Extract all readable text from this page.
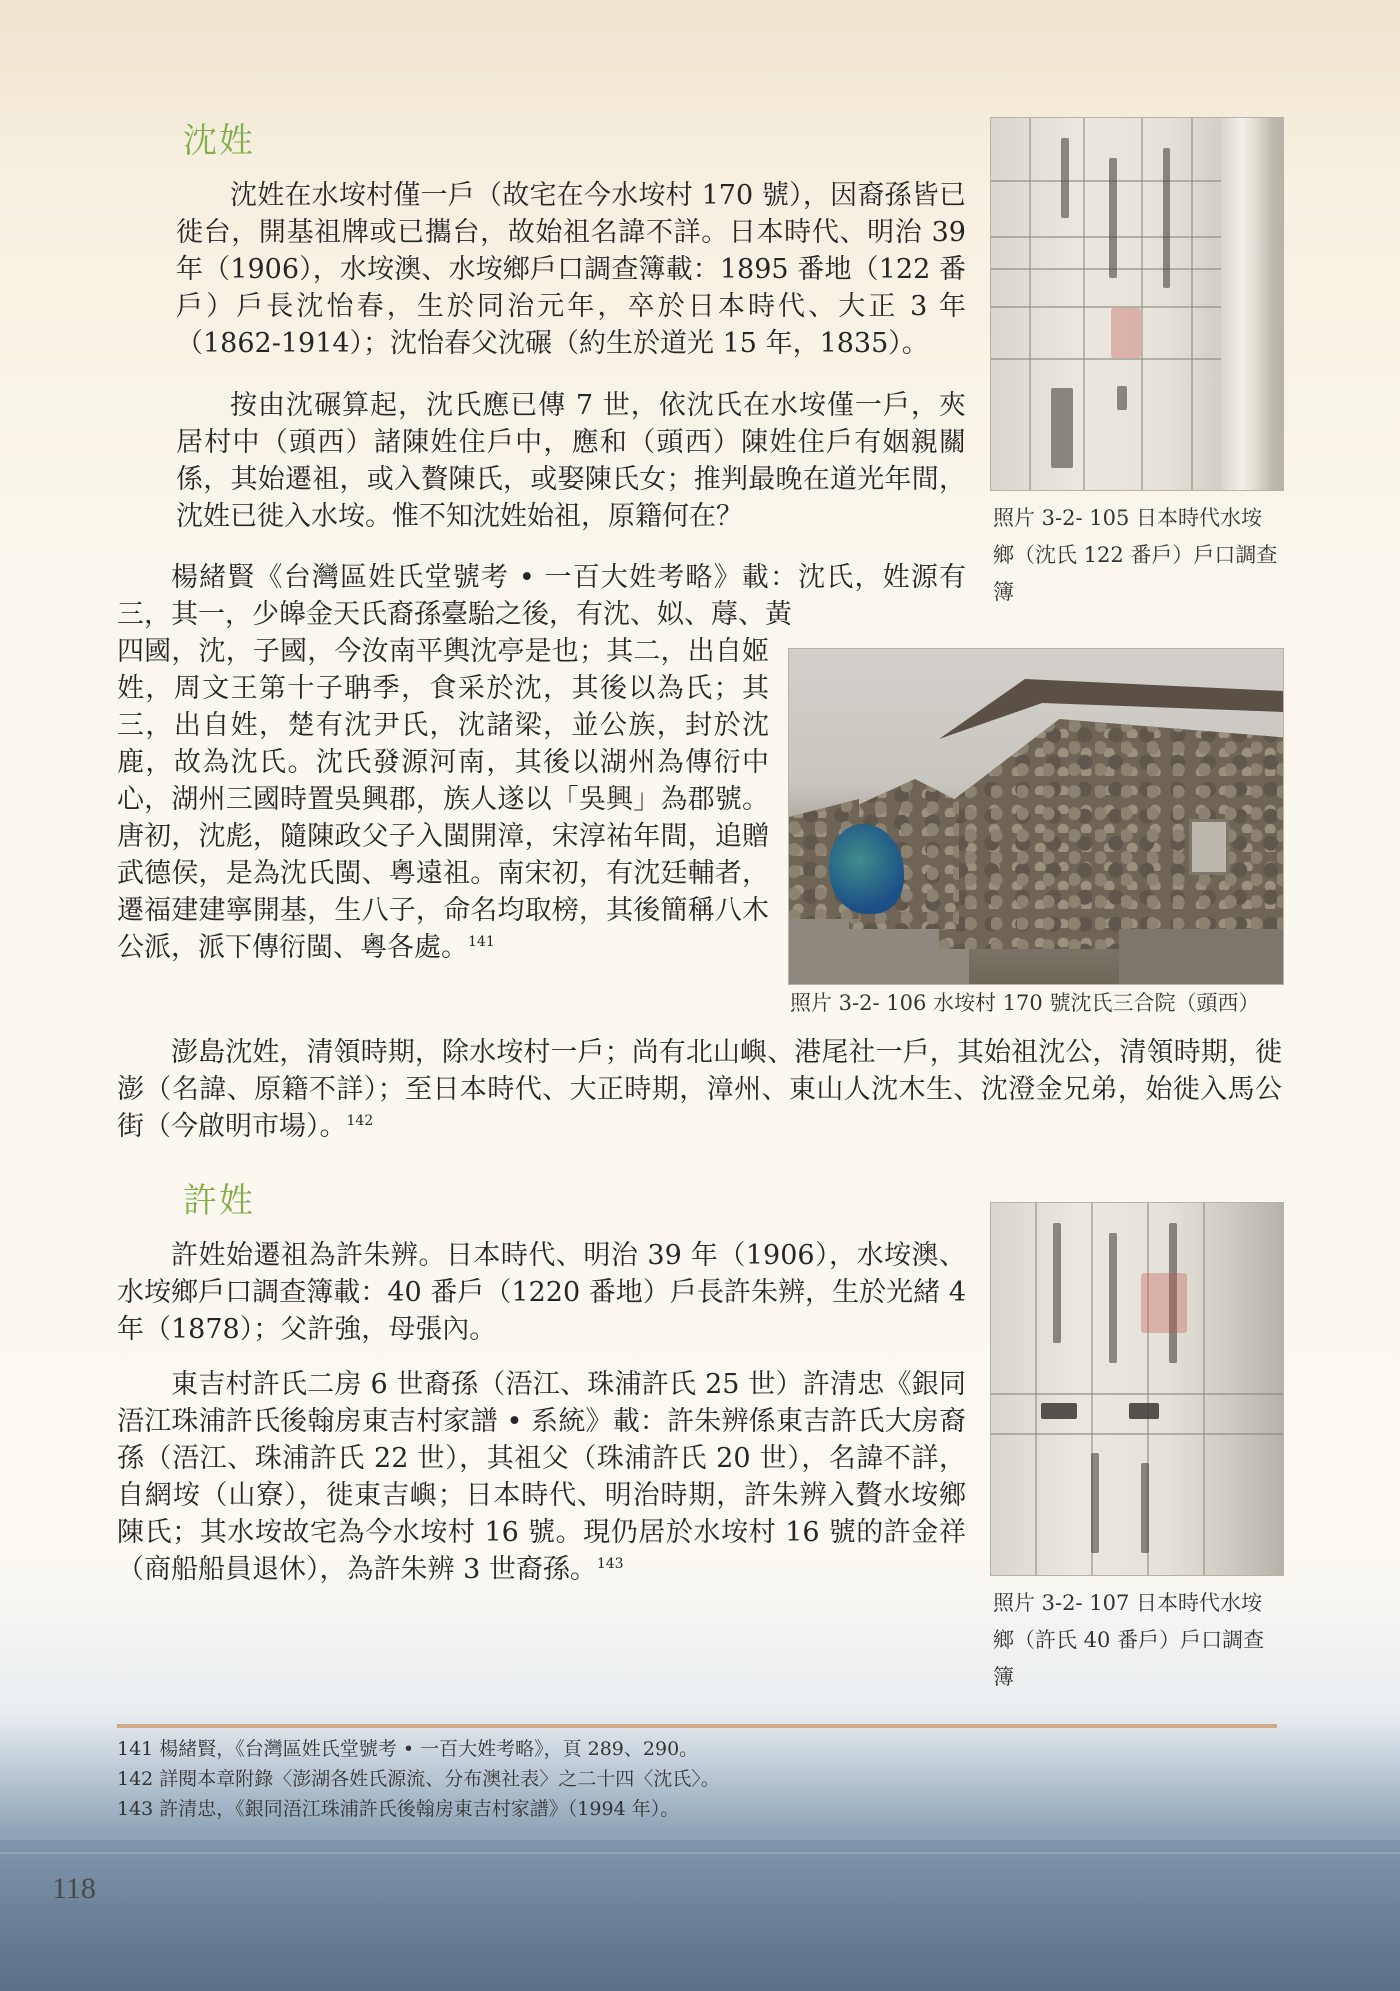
沈姓

沈姓在水垵村僅一戶（故宅在今水垵村 170 號），因裔孫皆已徙台，開基祖牌或已攜台，故始祖名諱不詳。日本時代、明治 39 年（1906），水垵澳、水垵鄉戶口調查簿載：1895 番地（122 番戶）戶長沈怡春，生於同治元年，卒於日本時代、大正 3 年（1862-1914）；沈怡春父沈碾（約生於道光 15 年，1835）。

按由沈碾算起，沈氏應已傳 7 世，依沈氏在水垵僅一戶，夾居村中（頭西）諸陳姓住戶中，應和（頭西）陳姓住戶有姻親關係，其始遷祖，或入贅陳氏，或娶陳氏女；推判最晚在道光年間，沈姓已徙入水垵。惟不知沈姓始祖，原籍何在？

楊緒賢《台灣區姓氏堂號考 • 一百大姓考略》載：沈氏，姓源有三，其一，少皞金天氏裔孫臺駘之後，有沈、姒、蓐、黃

四國，沈，子國，今汝南平輿沈亭是也；其二，出自姬姓，周文王第十子聃季，食采於沈，其後以為氏；其三，出自姓，楚有沈尹氏，沈諸梁，並公族，封於沈鹿，故為沈氏。沈氏發源河南，其後以湖州為傳衍中心，湖州三國時置吳興郡，族人遂以「吳興」為郡號。唐初，沈彪，隨陳政父子入閩開漳，宋淳祐年間，追贈武德侯，是為沈氏閩、粵遠祖。南宋初，有沈廷輔者，遷福建建寧開基，生八子，命名均取榜，其後簡稱八木公派，派下傳衍閩、粵各處。$^{141}$

澎島沈姓，清領時期，除水垵村一戶；尚有北山嶼、港尾社一戶，其始祖沈公，清領時期，徙澎（名諱、原籍不詳）；至日本時代、大正時期，漳州、東山人沈木生、沈澄金兄弟，始徙入馬公街（今啟明市場）。$^{142}$

照片 3-2- 105 日本時代水垵鄉（沈氏 122 番戶）戶口調查簿

照片 3-2- 106 水垵村 170 號沈氏三合院（頭西）

許姓

許姓始遷祖為許朱辨。日本時代、明治 39 年（1906），水垵澳、水垵鄉戶口調查簿載：40 番戶（1220 番地）戶長許朱辨，生於光緒 4 年（1878）；父許強，母張內。

東吉村許氏二房 6 世裔孫（浯江、珠浦許氏 25 世）許清忠《銀同浯江珠浦許氏後翰房東吉村家譜 • 系統》載：許朱辨係東吉許氏大房裔孫（浯江、珠浦許氏 22 世），其祖父（珠浦許氏 20 世），名諱不詳，自網垵（山寮），徙東吉嶼；日本時代、明治時期，許朱辨入贅水垵鄉陳氏；其水垵故宅為今水垵村 16 號。現仍居於水垵村 16 號的許金祥（商船船員退休），為許朱辨 3 世裔孫。$^{143}$

照片 3-2- 107 日本時代水垵鄉（許氏 40 番戶）戶口調查簿

141 楊緒賢，《台灣區姓氏堂號考 • 一百大姓考略》，頁 289、290。

142 詳閱本章附錄〈澎湖各姓氏源流、分布澳社表〉之二十四〈沈氏〉。

143 許清忠，《銀同浯江珠浦許氏後翰房東吉村家譜》（1994 年）。

118
